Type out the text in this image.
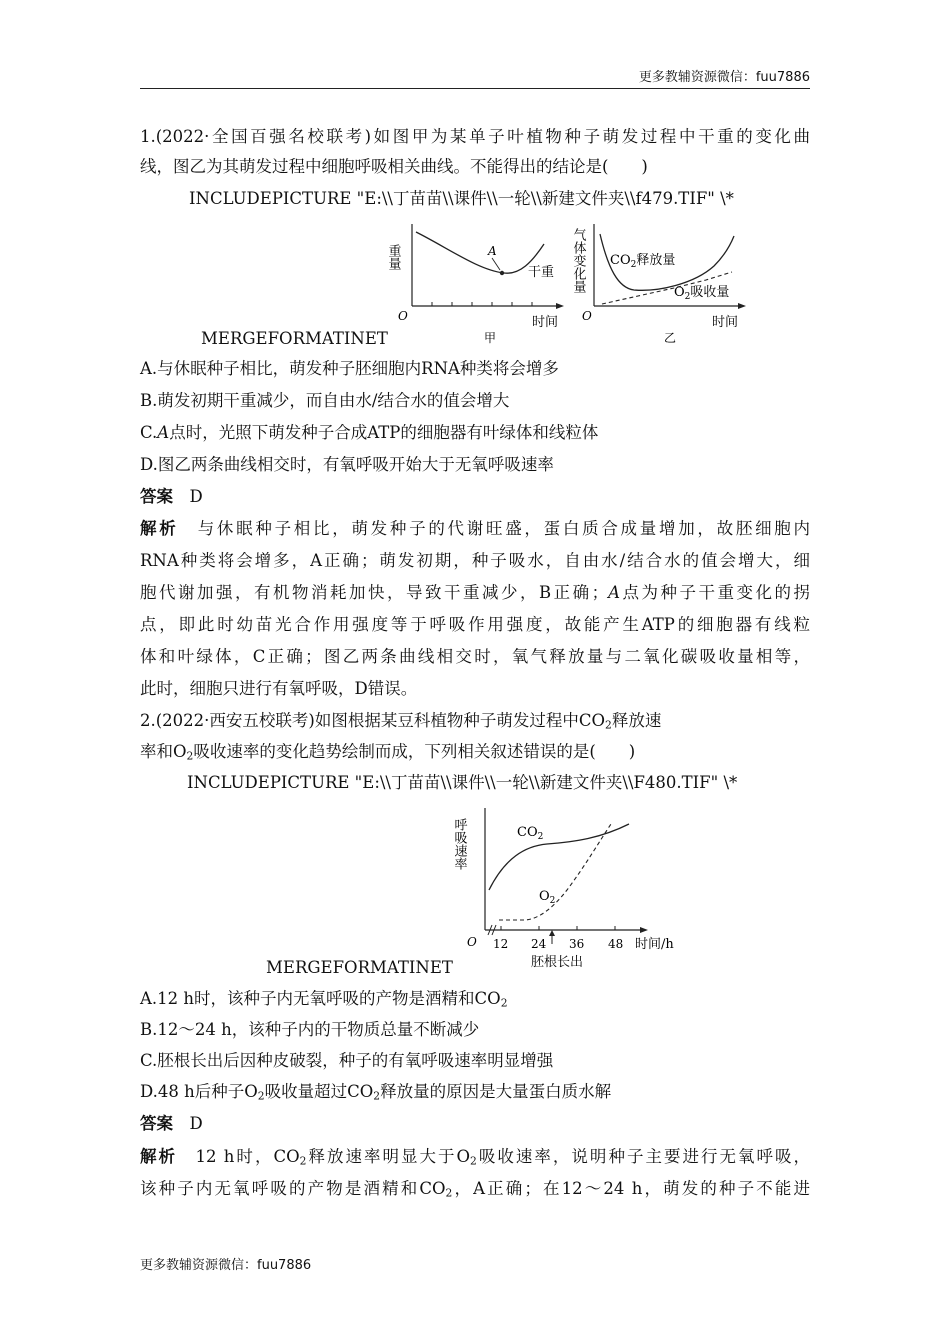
更多教辅资源微信：fuu7886
1.(2022·全国百强名校联考)如图甲为某单子叶植物种子萌发过程中干重的变化曲
线，图乙为其萌发过程中细胞呼吸相关曲线。不能得出的结论是(　　)
INCLUDEPICTURE "E:\\丁苗苗\\课件\\一轮\\新建文件夹\\f479.TIF" \*
重量
O
A
干重
时间
甲
气体变化量
O
$CO_2$释放量
$O_2$吸收量
时间
乙
MERGEFORMATINET
A.与休眠种子相比，萌发种子胚细胞内RNA种类将会增多
B.萌发初期干重减少，而自由水/结合水的值会增大
C.A点时，光照下萌发种子合成ATP的细胞器有叶绿体和线粒体
D.图乙两条曲线相交时，有氧呼吸开始大于无氧呼吸速率
答案　 D
解析　 与休眠种子相比，萌发种子的代谢旺盛，蛋白质合成量增加，故胚细胞内
RNA种类将会增多，A正确；萌发初期，种子吸水，自由水/结合水的值会增大，细
胞代谢加强，有机物消耗加快，导致干重减少，B正确；A点为种子干重变化的拐
点，即此时幼苗光合作用强度等于呼吸作用强度，故能产生ATP的细胞器有线粒
体和叶绿体，C正确；图乙两条曲线相交时，氧气释放量与二氧化碳吸收量相等，
此时，细胞只进行有氧呼吸，D错误。
2.(2022·西安五校联考)如图根据某豆科植物种子萌发过程中$CO_2$释放速
率和$O_2$吸收速率的变化趋势绘制而成，下列相关叙述错误的是(　　)
INCLUDEPICTURE "E:\\丁苗苗\\课件\\一轮\\新建文件夹\\F480.TIF" \*
呼吸速率
O
$CO_2$
$O_2$
12 24 36 48 时间/h
胚根长出
MERGEFORMATINET
A.12 h时，该种子内无氧呼吸的产物是酒精和$CO_2$
B.12～24 h，该种子内的干物质总量不断减少
C.胚根长出后因种皮破裂，种子的有氧呼吸速率明显增强
D.48 h后种子$O_2$吸收量超过$CO_2$释放量的原因是大量蛋白质水解
答案　 D
解析　 12 h时，$CO_2$释放速率明显大于$O_2$吸收速率，说明种子主要进行无氧呼吸，
该种子内无氧呼吸的产物是酒精和$CO_2$，A正确；在12～24 h，萌发的种子不能进
更多教辅资源微信：fuu7886
